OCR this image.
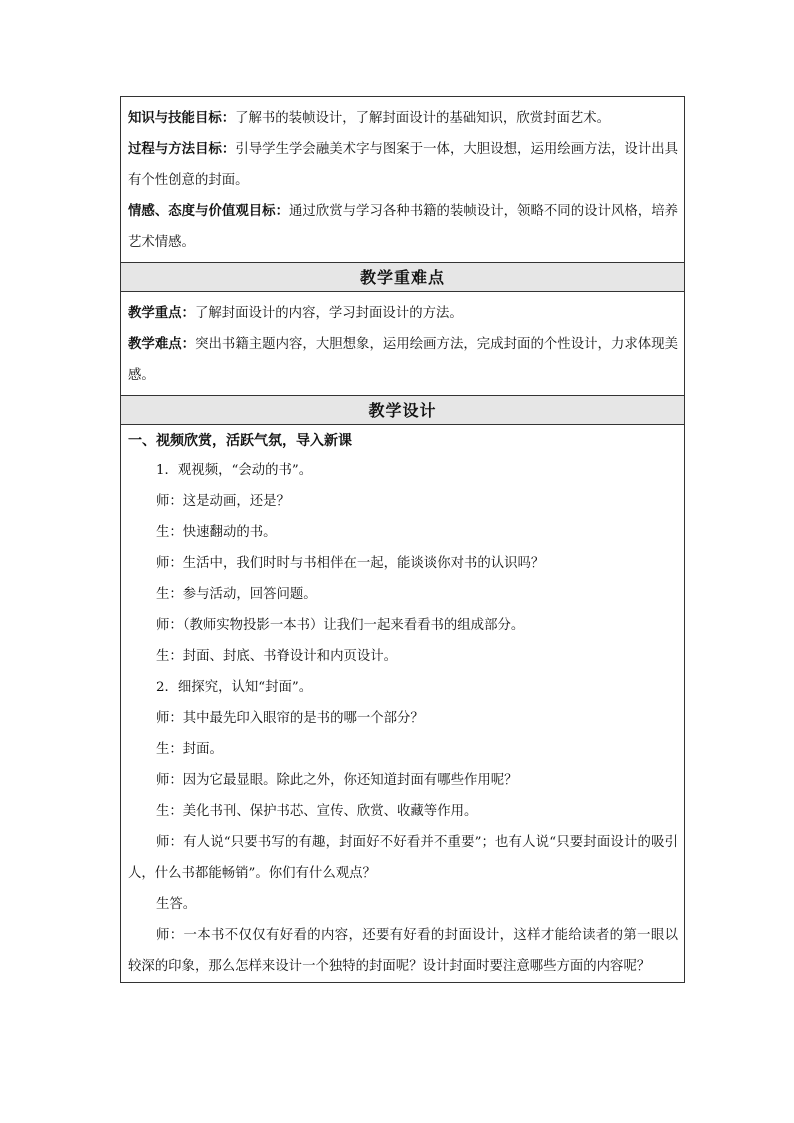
知识与技能目标：了解书的装帧设计，了解封面设计的基础知识，欣赏封面艺术。

过程与方法目标：引导学生学会融美术字与图案于一体，大胆设想，运用绘画方法，设计出具有个性创意的封面。

情感、态度与价值观目标：通过欣赏与学习各种书籍的装帧设计，领略不同的设计风格，培养艺术情感。

教学重难点

教学重点：了解封面设计的内容，学习封面设计的方法。

教学难点：突出书籍主题内容，大胆想象，运用绘画方法，完成封面的个性设计，力求体现美感。

教学设计

一、视频欣赏，活跃气氛，导入新课

1．观视频，“会动的书”。

师：这是动画，还是？

生：快速翻动的书。

师：生活中，我们时时与书相伴在一起，能谈谈你对书的认识吗？

生：参与活动，回答问题。

师：（教师实物投影一本书）让我们一起来看看书的组成部分。

生：封面、封底、书脊设计和内页设计。

2．细探究，认知“封面”。

师：其中最先印入眼帘的是书的哪一个部分？

生：封面。

师：因为它最显眼。除此之外，你还知道封面有哪些作用呢？

生：美化书刊、保护书芯、宣传、欣赏、收藏等作用。

师：有人说“只要书写的有趣，封面好不好看并不重要”；也有人说“只要封面设计的吸引人，什么书都能畅销”。你们有什么观点？

生答。

师：一本书不仅仅有好看的内容，还要有好看的封面设计，这样才能给读者的第一眼以较深的印象，那么怎样来设计一个独特的封面呢？设计封面时要注意哪些方面的内容呢？
